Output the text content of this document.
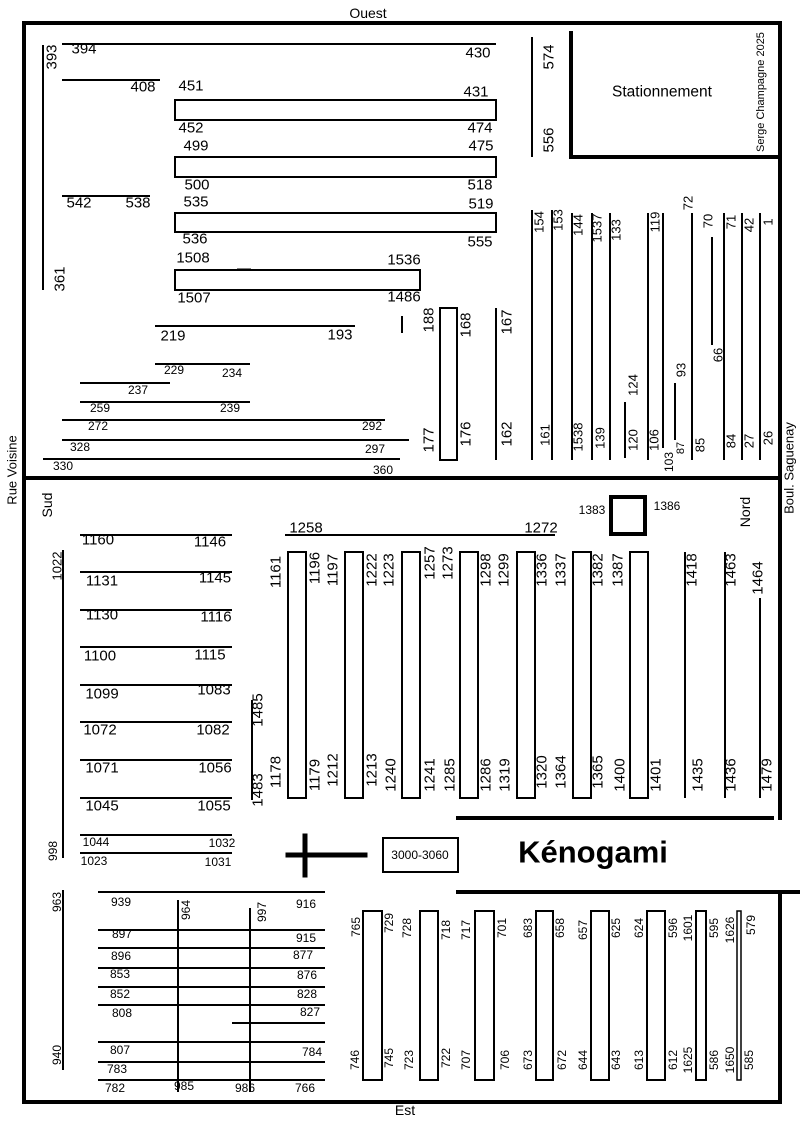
Ouest
Est
Sud	Nord
Rue Voisine	Boul. Saguenay
Stationnement	Serge Champagne 2025
Kénogami
3000-3060
394	430
408 451	431
452	474
499	475
500	518
542 538 535	519
536	555
1508	1536
1507	1486
219	193
229	234
237
259	239
272	292
328	297
330	360
393
361
188
177
168
176
167
162
574
556
154
161
153 144
1538
1537
139
133
124
120
119
106
103
93
87
72
85
70
66
71
84
42
27
1
26
1160	1146
1131	1145
1130	1116
1100	1115
1099	1083
1072	1082
1071	1056
1045	1055
1044	1032
1023	1031
1022
998
1485
1483
1258	1272
1383	1386
1161
1178
1196
1179
1197
1212
1222
1213
1223
1240
1257
1241
1273
1285
1298
1286
1299
1319
1336
1320
1337
1364
1382
1365
1387
1400 1401
1418
1435
1463
1436
1464
1479
963
940
964	997
939	916
897	915
896	877
853	876
852	828
808	827
807	784
783
782	985	986	766
765
746
729
745
728
723
718
722
717
707
701
706
683
673
658
672
657
644
625
643
624
613
596
612
1601
1625
595
586
1626
1650
579
585
